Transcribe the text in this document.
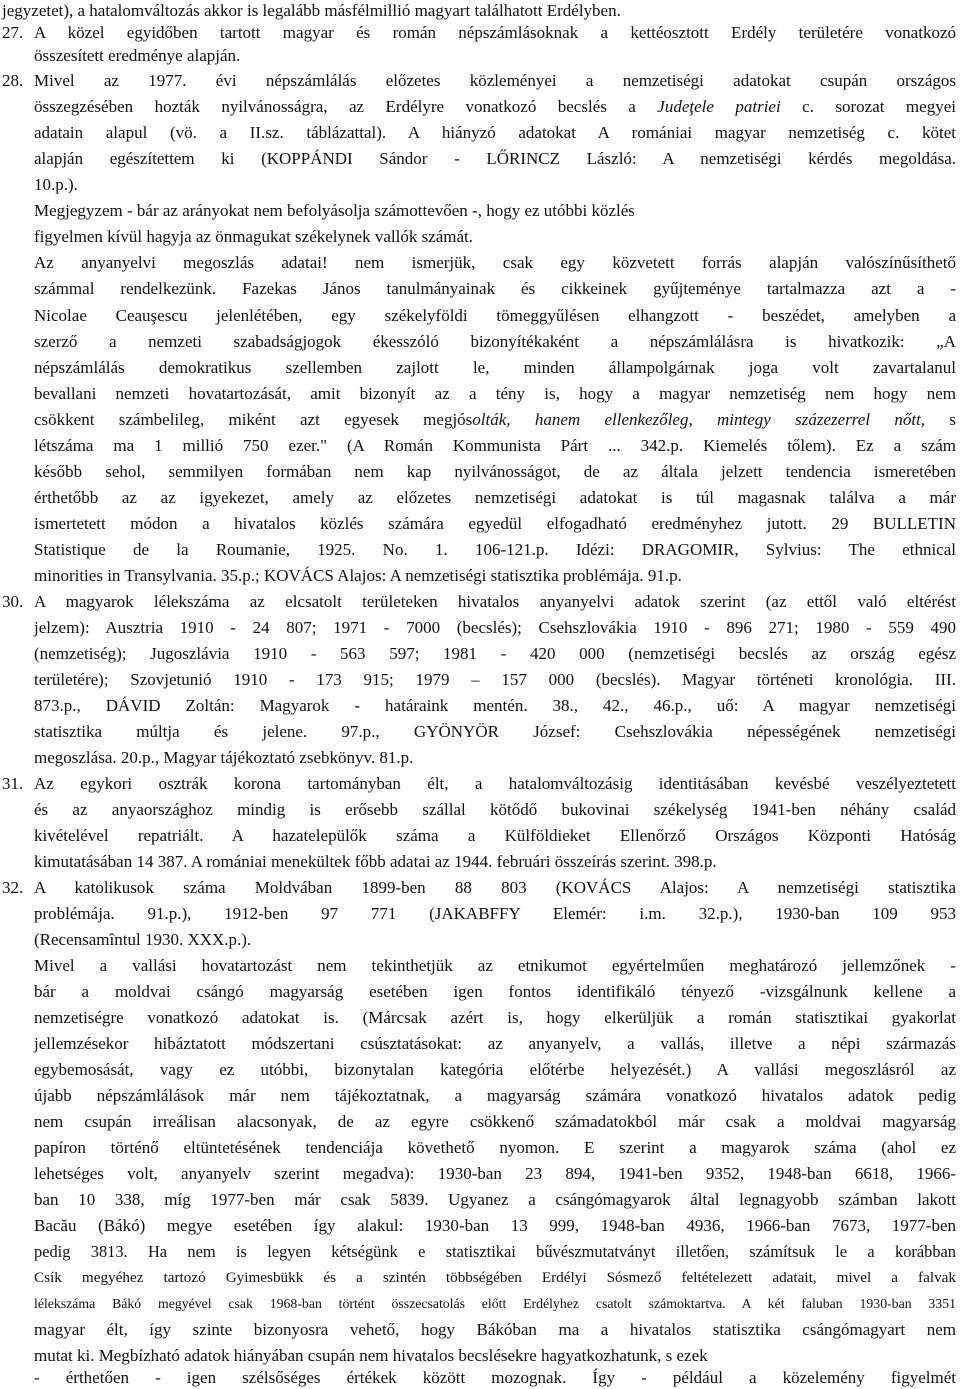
jegyzetet), a hatalomváltozás akkor is legalább másfélmillió magyart találhatott Erdélyben.

27. A közel egyidőben tartott magyar és román népszámlásoknak a kettéosztott Erdély területére vonatkozó

összesített eredménye alapján.

28. Mivel az 1977. évi népszámlálás előzetes közleményei a nemzetiségi adatokat csupán országos

összegzésében hozták nyilvánosságra, az Erdélyre vonatkozó becslés a Judeţele patriei c. sorozat megyei

adatain alapul (vö. a II.sz. táblázattal). A hiányzó adatokat A romániai magyar nemzetiség c. kötet

alapján egészítettem ki (KOPPÁNDI Sándor - LŐRINCZ László: A nemzetiségi kérdés megoldása.

10.p.).

Megjegyzem - bár az arányokat nem befolyásolja számottevően -, hogy ez utóbbi közlés

figyelmen kívül hagyja az önmagukat székelynek vallók számát.

Az anyanyelvi megoszlás adatai! nem ismerjük, csak egy közvetett forrás alapján valószínűsíthető

számmal rendelkezünk. Fazekas János tanulmányainak és cikkeinek gyűjteménye tartalmazza azt a -

Nicolae Ceauşescu jelenlétében, egy székelyföldi tömeggyűlésen elhangzott - beszédet, amelyben a

szerző a nemzeti szabadságjogok ékesszóló bizonyítékaként a népszámlálásra is hivatkozik: „A

népszámlálás demokratikus szellemben zajlott le, minden állampolgárnak joga volt zavartalanul

bevallani nemzeti hovatartozását, amit bizonyít az a tény is, hogy a magyar nemzetiség nem hogy nem

csökkent számbelileg, miként azt egyesek megjósolták, hanem ellenkezőleg, mintegy százezerrel nőtt, s

létszáma ma 1 millió 750 ezer." (A Román Kommunista Párt ... 342.p. Kiemelés tőlem). Ez a szám

később sehol, semmilyen formában nem kap nyilvánosságot, de az általa jelzett tendencia ismeretében

érthetőbb az az igyekezet, amely az előzetes nemzetiségi adatokat is túl magasnak találva a már

ismertetett módon a hivatalos közlés számára egyedül elfogadható eredményhez jutott. 29 BULLETIN

Statistique de la Roumanie, 1925. No. 1. 106-121.p. Idézi: DRAGOMIR, Sylvius: The ethnical

minorities in Transylvania. 35.p.; KOVÁCS Alajos: A nemzetiségi statisztika problémája. 91.p.

30. A magyarok lélekszáma az elcsatolt területeken hivatalos anyanyelvi adatok szerint (az ettől való eltérést

jelzem): Ausztria 1910 - 24 807; 1971 - 7000 (becslés); Csehszlovákia 1910 - 896 271; 1980 - 559 490

(nemzetiség); Jugoszlávia 1910 - 563 597; 1981 - 420 000 (nemzetiségi becslés az ország egész

területére); Szovjetunió 1910 - 173 915; 1979 – 157 000 (becslés). Magyar történeti kronológia. III.

873.p., DÁVID Zoltán: Magyarok - határaink mentén. 38., 42., 46.p., uő: A magyar nemzetiségi

statisztika múltja és jelene. 97.p., GYÖNYÖR József: Csehszlovákia népességének nemzetiségi

megoszlása. 20.p., Magyar tájékoztató zsebkönyv. 81.p.

31. Az egykori osztrák korona tartományban élt, a hatalomváltozásig identitásában kevésbé veszélyeztetett

és az anyaországhoz mindig is erősebb szállal kötődő bukovinai székelység 1941-ben néhány család

kivételével repatriált. A hazatelepülők száma a Külföldieket Ellenőrző Országos Központi Hatóság

kimutatásában 14 387. A romániai menekültek főbb adatai az 1944. februári összeírás szerint. 398.p.

32. A katolikusok száma Moldvában 1899-ben 88 803 (KOVÁCS Alajos: A nemzetiségi statisztika

problémája. 91.p.), 1912-ben 97 771 (JAKABFFY Elemér: i.m. 32.p.), 1930-ban 109 953

(Recensamîntul 1930. XXX.p.).

Mivel a vallási hovatartozást nem tekinthetjük az etnikumot egyértelműen meghatározó jellemzőnek -

bár a moldvai csángó magyarság esetében igen fontos identifikáló tényező -vizsgálnunk kellene a

nemzetiségre vonatkozó adatokat is. (Márcsak azért is, hogy elkerüljük a román statisztikai gyakorlat

jellemzésekor hibáztatott módszertani csúsztatásokat: az anyanyelv, a vallás, illetve a népi származás

egybemosását, vagy ez utóbbi, bizonytalan kategória előtérbe helyezését.) A vallási megoszlásról az

újabb népszámlálások már nem tájékoztatnak, a magyarság számára vonatkozó hivatalos adatok pedig

nem csupán irreálisan alacsonyak, de az egyre csökkenő számadatokból már csak a moldvai magyarság

papíron történő eltüntetésének tendenciája követhető nyomon. E szerint a magyarok száma (ahol ez

lehetséges volt, anyanyelv szerint megadva): 1930-ban 23 894, 1941-ben 9352, 1948-ban 6618, 1966-

ban 10 338, míg 1977-ben már csak 5839. Ugyanez a csángómagyarok által legnagyobb számban lakott

Bacău (Bákó) megye esetében így alakul: 1930-ban 13 999, 1948-ban 4936, 1966-ban 7673, 1977-ben

pedig 3813. Ha nem is legyen kétségünk e statisztikai bűvészmutatványt illetően, számítsuk le a korábban

Csík megyéhez tartozó Gyimesbükk és a szintén többségében Erdélyi Sósmező feltételezett adatait, mivel a falvak

lélekszáma Bákó megyével csak 1968-ban történt összecsatolás előtt Erdélyhez csatolt számoktartva. A két faluban 1930-ban 3351

magyar élt, így szinte bizonyosra vehető, hogy Bákóban ma a hivatalos statisztika csángómagyart nem

mutat ki. Megbízható adatok hiányában csupán nem hivatalos becslésekre hagyatkozhatunk, s ezek

- érthetően - igen szélsőséges értékek között mozognak. Így - például a közelemény figyelmét
